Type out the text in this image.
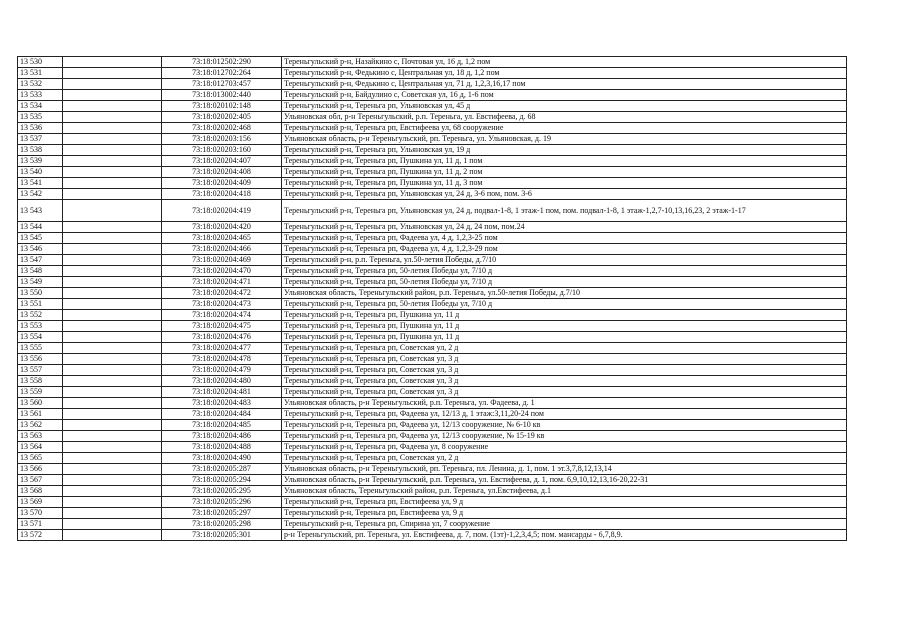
13 530		73:18:012502:290	Тереньгульский р-н, Назайкино с, Почтовая ул, 16 д, 1,2 пом
13 531		73:18:012702:264	Тереньгульский р-н, Федькино с, Центральная ул, 18 д, 1,2 пом
13 532		73:18:012703:457	Тереньгульский р-н, Федькино с, Центральная ул, 71 д, 1,2,3,16,17 пом
13 533		73:18:013002:440	Тереньгульский р-н, Байдулино с, Советская ул, 16 д, 1-6 пом
13 534		73:18:020102:148	Тереньгульский р-н, Тереньга рп, Ульяновская ул, 45 д
13 535		73:18:020202:405	Ульяновская обл, р-н Тереньгульский, р.п. Тереньга, ул. Евстифеева, д. 68
13 536		73:18:020202:468	Тереньгульский р-н, Тереньга рп, Евстифеева ул, 68 сооружение
13 537		73:18:020203:156	Ульяновская область, р-н Тереньгульский, рп. Тереньга, ул. Ульяновская, д. 19
13 538		73:18:020203:160	Тереньгульский р-н, Тереньга рп, Ульяновская ул, 19 д
13 539		73:18:020204:407	Тереньгульский р-н, Тереньга рп, Пушкина ул, 11 д, 1 пом
13 540		73:18:020204:408	Тереньгульский р-н, Тереньга рп, Пушкина ул, 11 д, 2 пом
13 541		73:18:020204:409	Тереньгульский р-н, Тереньга рп, Пушкина ул, 11 д, 3 пом
13 542		73:18:020204:418	Тереньгульский р-н, Тереньга рп, Ульяновская ул, 24 д, 3-6 пом, пом. 3-6
13 543		73:18:020204:419	Тереньгульский р-н, Тереньга рп, Ульяновская ул, 24 д, подвал-1-8, 1 этаж-1 пом, пом. подвал-1-8, 1 этаж-1,2,7-10,13,16,23, 2 этаж-1-17
13 544		73:18:020204:420	Тереньгульский р-н, Тереньга рп, Ульяновская ул, 24 д, 24 пом, пом.24
13 545		73:18:020204:465	Тереньгульский р-н, Тереньга рп, Фадеева ул, 4 д, 1,2,3-25 пом
13 546		73:18:020204:466	Тереньгульский р-н, Тереньга рп, Фадеева ул, 4 д, 1,2,3-29 пом
13 547		73:18:020204:469	Тереньгульский р-н, р.п. Тереньга, ул.50-летия Победы, д.7/10
13 548		73:18:020204:470	Тереньгульский р-н, Тереньга рп, 50-летия Победы ул, 7/10 д
13 549		73:18:020204:471	Тереньгульский р-н, Тереньга рп, 50-летия Победы ул, 7/10 д
13 550		73:18:020204:472	Ульяновская область, Тереньгульский район, р.п. Тереньга, ул.50-летия Победы, д.7/10
13 551		73:18:020204:473	Тереньгульский р-н, Тереньга рп, 50-летия Победы ул, 7/10 д
13 552		73:18:020204:474	Тереньгульский р-н, Тереньга рп, Пушкина ул, 11 д
13 553		73:18:020204:475	Тереньгульский р-н, Тереньга рп, Пушкина ул, 11 д
13 554		73:18:020204:476	Тереньгульский р-н, Тереньга рп, Пушкина ул, 11 д
13 555		73:18:020204:477	Тереньгульский р-н, Тереньга рп, Советская ул, 2 д
13 556		73:18:020204:478	Тереньгульский р-н, Тереньга рп, Советская ул, 3 д
13 557		73:18:020204:479	Тереньгульский р-н, Тереньга рп, Советская ул, 3 д
13 558		73:18:020204:480	Тереньгульский р-н, Тереньга рп, Советская ул, 3 д
13 559		73:18:020204:481	Тереньгульский р-н, Тереньга рп, Советская ул, 3 д
13 560		73:18:020204:483	Ульяновская область, р-н Тереньгульский, р.п. Тереньга, ул. Фадеева, д. 1
13 561		73:18:020204:484	Тереньгульский р-н, Тереньга рп, Фадеева ул, 12/13 д, 1 этаж:3,11,20-24 пом
13 562		73:18:020204:485	Тереньгульский р-н, Тереньга рп, Фадеева ул, 12/13 сооружение, № 6-10 кв
13 563		73:18:020204:486	Тереньгульский р-н, Тереньга рп, Фадеева ул, 12/13 сооружение, № 15-19 кв
13 564		73:18:020204:488	Тереньгульский р-н, Тереньга рп, Фадеева ул, 8 сооружение
13 565		73:18:020204:490	Тереньгульский р-н, Тереньга рп, Советская ул, 2 д
13 566		73:18:020205:287	Ульяновская область, р-н Тереньгульский, рп. Тереньга, пл. Ленина, д. 1, пом. 1 эт.3,7,8,12,13,14
13 567		73:18:020205:294	Ульяновская область, р-н Тереньгульский, р.п. Тереньга, ул. Евстифеева, д. 1, пом. 6,9,10,12,13,16-20,22-31
13 568		73:18:020205:295	Ульяновская область, Тереньгульский район, р.п. Тереньга, ул.Евстифеева, д.1
13 569		73:18:020205:296	Тереньгульский р-н, Тереньга рп, Евстифеева ул, 9 д
13 570		73:18:020205:297	Тереньгульский р-н, Тереньга рп, Евстифеева ул, 9 д
13 571		73:18:020205:298	Тереньгульский р-н, Тереньга рп, Спирина ул, 7 сооружение
13 572		73:18:020205:301	р-н Тереньгульский, рп. Тереньга, ул. Евстифеева, д. 7, пом. (1эт)-1,2,3,4,5; пом. мансарды - 6,7,8,9.
